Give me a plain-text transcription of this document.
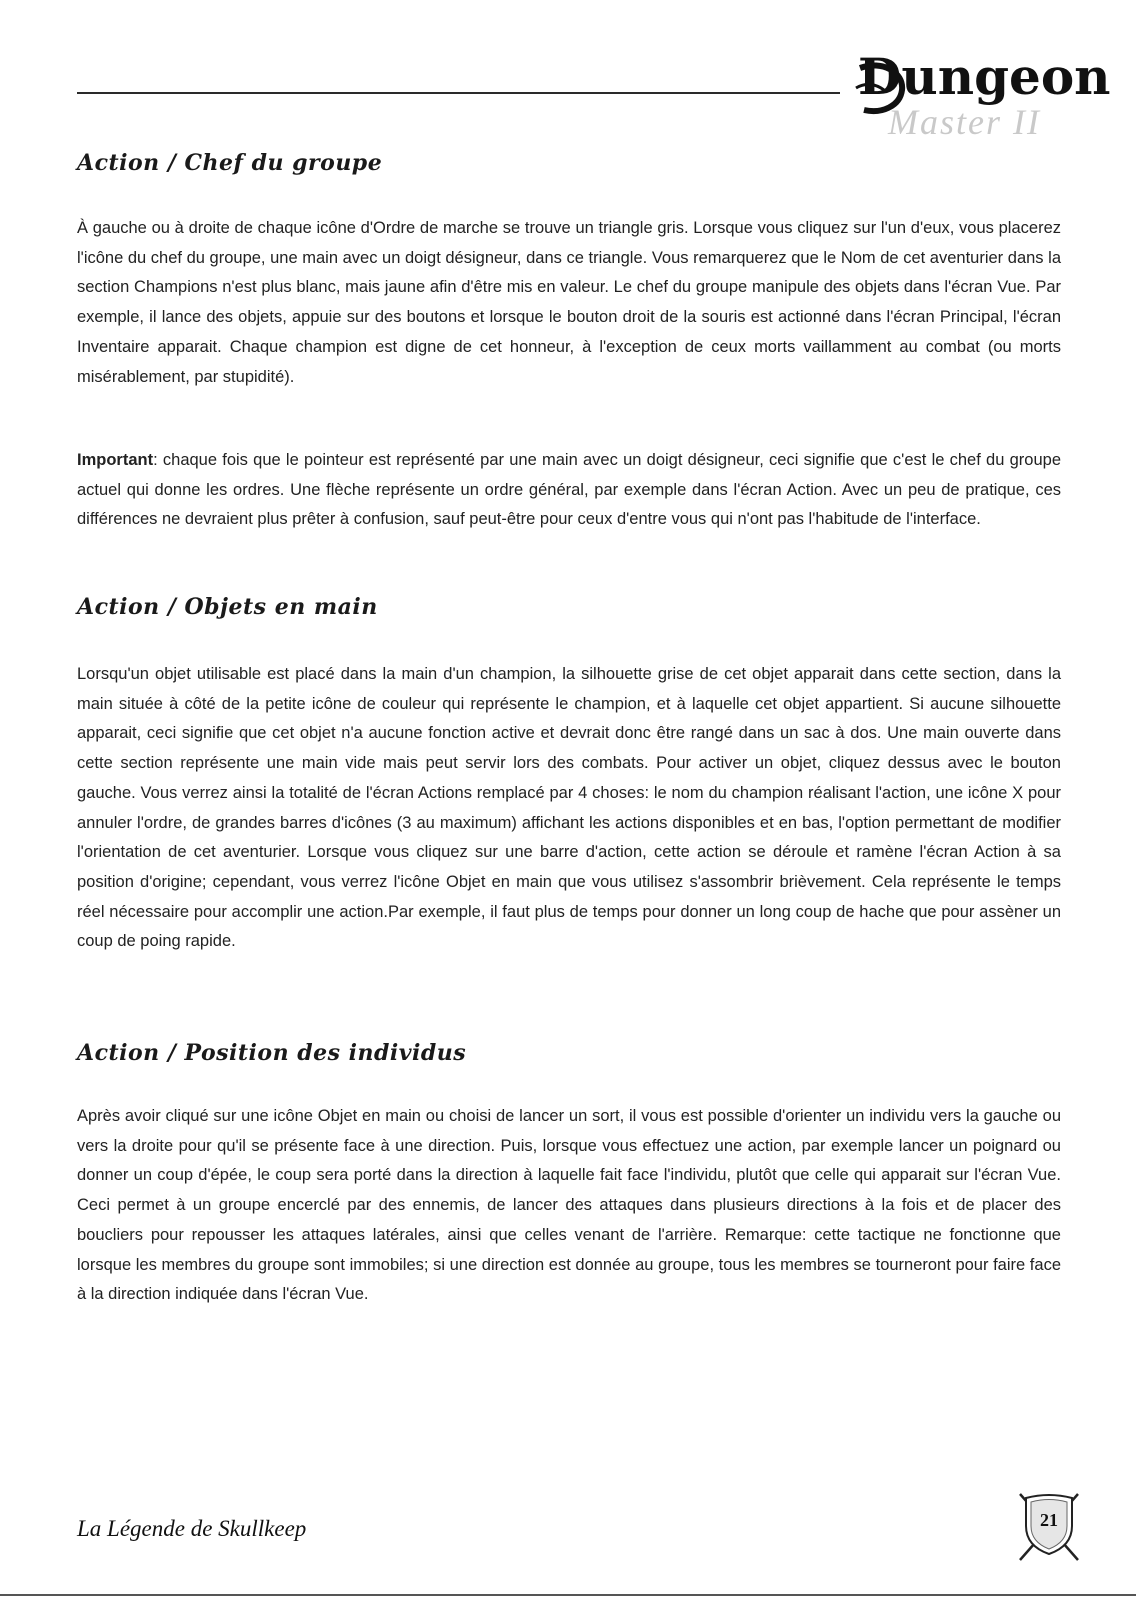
Dungeon
Master II
Action / Chef du groupe

À gauche ou à droite de chaque icône d'Ordre de marche se trouve un triangle gris. Lorsque vous cliquez sur l'un d'eux, vous placerez l'icône du chef du groupe, une main avec un doigt désigneur, dans ce triangle. Vous remarquerez que le Nom de cet aventurier dans la section Champions n'est plus blanc, mais jaune afin d'être mis en valeur. Le chef du groupe manipule des objets dans l'écran Vue. Par exemple, il lance des objets, appuie sur des boutons et lorsque le bouton droit de la souris est actionné dans l'écran Principal, l'écran Inventaire apparait. Chaque champion est digne de cet honneur, à l'exception de ceux morts vaillamment au combat (ou morts misérablement, par stupidité).

Important: chaque fois que le pointeur est représenté par une main avec un doigt désigneur, ceci signifie que c'est le chef du groupe actuel qui donne les ordres. Une flèche représente un ordre général, par exemple dans l'écran Action. Avec un peu de pratique, ces différences ne devraient plus prêter à confusion, sauf peut-être pour ceux d'entre vous qui n'ont pas l'habitude de l'interface.

Action / Objets en main

Lorsqu'un objet utilisable est placé dans la main d'un champion, la silhouette grise de cet objet apparait dans cette section, dans la main située à côté de la petite icône de couleur qui représente le champion, et à laquelle cet objet appartient. Si aucune silhouette apparait, ceci signifie que cet objet n'a aucune fonction active et devrait donc être rangé dans un sac à dos. Une main ouverte dans cette section représente une main vide mais peut servir lors des combats. Pour activer un objet, cliquez dessus avec le bouton gauche. Vous verrez ainsi la totalité de l'écran Actions remplacé par 4 choses: le nom du champion réalisant l'action, une icône X pour annuler l'ordre, de grandes barres d'icônes (3 au maximum) affichant les actions disponibles et en bas, l'option permettant de modifier l'orientation de cet aventurier. Lorsque vous cliquez sur une barre d'action, cette action se déroule et ramène l'écran Action à sa position d'origine; cependant, vous verrez l'icône Objet en main que vous utilisez s'assombrir brièvement. Cela représente le temps réel nécessaire pour accomplir une action.Par exemple, il faut plus de temps pour donner un long coup de hache que pour assèner un coup de poing rapide.

Action / Position des individus

Après avoir cliqué sur une icône Objet en main ou choisi de lancer un sort, il vous est possible d'orienter un individu vers la gauche ou vers la droite pour qu'il se présente face à une direction. Puis, lorsque vous effectuez une action, par exemple lancer un poignard ou donner un coup d'épée, le coup sera porté dans la direction à laquelle fait face l'individu, plutôt que celle qui apparait sur l'écran Vue. Ceci permet à un groupe encerclé par des ennemis, de lancer des attaques dans plusieurs directions à la fois et de placer des boucliers pour repousser les attaques latérales, ainsi que celles venant de l'arrière. Remarque: cette tactique ne fonctionne que lorsque les membres du groupe sont immobiles; si une direction est donnée au groupe, tous les membres se tourneront pour faire face à la direction indiquée dans l'écran Vue.

La Légende de Skullkeep	21
